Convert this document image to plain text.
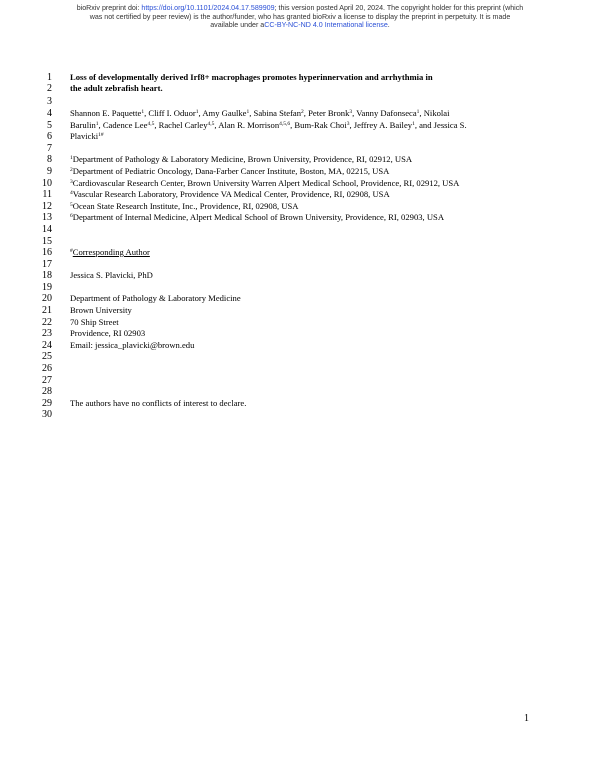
bioRxiv preprint doi: https://doi.org/10.1101/2024.04.17.589909; this version posted April 20, 2024. The copyright holder for this preprint (which
was not certified by peer review) is the author/funder, who has granted bioRxiv a license to display the preprint in perpetuity. It is made
available under aCC-BY-NC-ND 4.0 International license.
1
2
3
4
5
6
7
8
9
10
11
12
13
14
15
16
17
18
19
20
21
22
23
24
25
26
27
28
29
30
Loss of developmentally derived Irf8+ macrophages promotes hyperinnervation and arrhythmia in
the adult zebrafish heart.
Shannon E. Paquette$^1$, Cliff I. Oduor$^1$, Amy Gaulke$^1$, Sabina Stefan$^2$, Peter Bronk$^3$, Vanny Dafonseca$^1$, Nikolai
Barulin$^1$, Cadence Lee$^{4,5}$, Rachel Carley$^{4,5}$, Alan R. Morrison$^{4,5,6}$, Bum-Rak Choi$^3$, Jeffrey A. Bailey$^1$, and Jessica S.
Plavicki$^{1\#}$
$^1$Department of Pathology & Laboratory Medicine, Brown University, Providence, RI, 02912, USA
$^2$Department of Pediatric Oncology, Dana-Farber Cancer Institute, Boston, MA, 02215, USA
$^3$Cardiovascular Research Center, Brown University Warren Alpert Medical School, Providence, RI, 02912, USA
$^4$Vascular Research Laboratory, Providence VA Medical Center, Providence, RI, 02908, USA
$^5$Ocean State Research Institute, Inc., Providence, RI, 02908, USA
$^6$Department of Internal Medicine, Alpert Medical School of Brown University, Providence, RI, 02903, USA
#Corresponding Author
Jessica S. Plavicki, PhD
Department of Pathology & Laboratory Medicine
Brown University
70 Ship Street
Providence, RI 02903
Email: jessica_plavicki@brown.edu
The authors have no conflicts of interest to declare.
1
